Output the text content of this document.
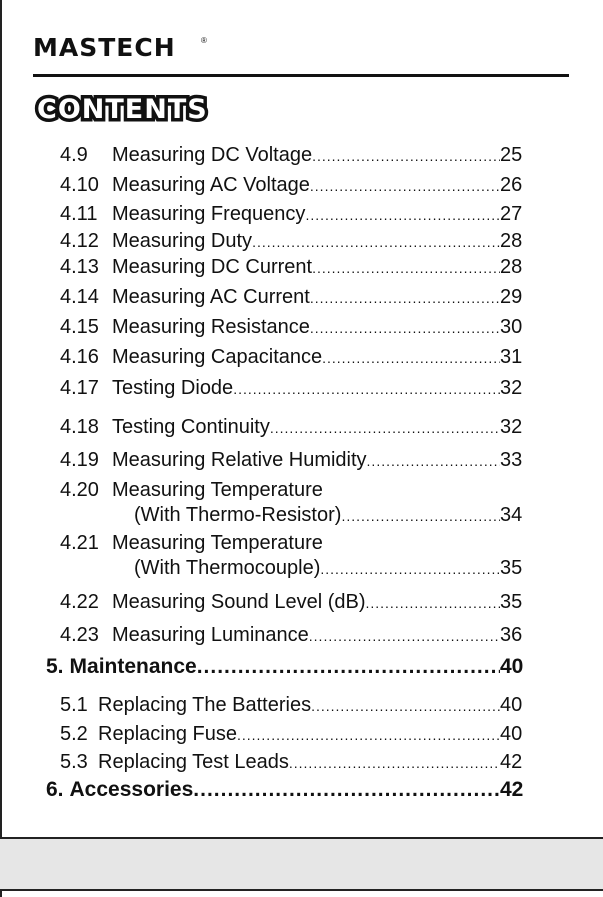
MASTECH	®
CONTENTS
4.9	Measuring DC Voltage .....	25
4.10 Measuring AC Voltage .....	26
4.11 Measuring Frequency .....	27
4.12 Measuring Duty .....	28
4.13 Measuring DC Current .....	28
4.14 Measuring AC Current .....	29
4.15 Measuring Resistance .....	30
4.16 Measuring Capacitance .....	31
4.17 Testing Diode .....	32
4.18 Testing Continuity .....	32
4.19 Measuring Relative Humidity .....	33
4.20 Measuring Temperature
(With Thermo-Resistor) .....	34
4.21 Measuring Temperature
(With Thermocouple) .....	35
4.22 Measuring Sound Level (dB) .....	35
4.23 Measuring Luminance .....	36
5. Maintenance .....	40
5.1 Replacing The Batteries .....	40
5.2 Replacing Fuse .....	40
5.3 Replacing Test Leads .....	42
6. Accessories .....	42
